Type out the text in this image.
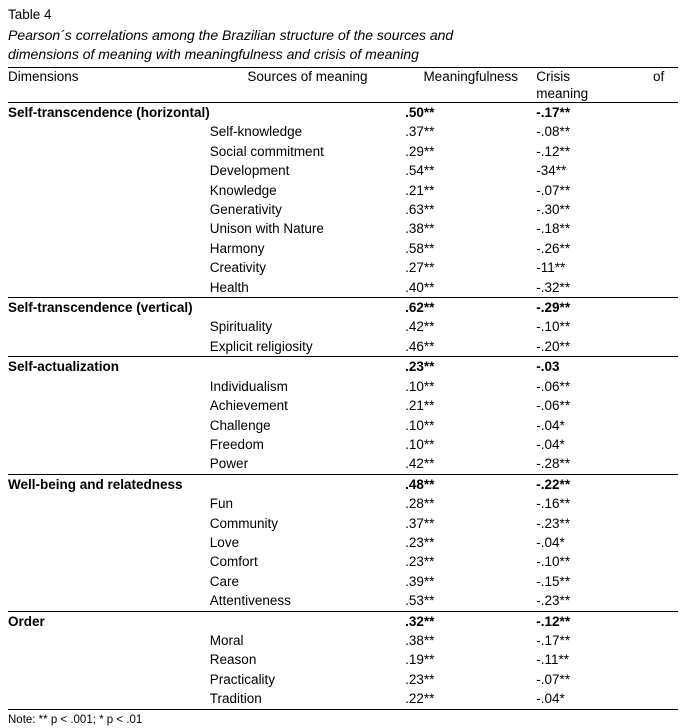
Table 4
Pearson´s correlations among the Brazilian structure of the sources and
dimensions of meaning with meaningfulness and crisis of meaning
Dimensions	Sources of meaning	Meaningfulness	Crisis of
meaning
Self-transcendence (horizontal)		.50**	-.17**
	Self-knowledge	.37**	-.08**
	Social commitment	.29**	-.12**
	Development	.54**	-34**
	Knowledge	.21**	-.07**
	Generativity	.63**	-.30**
	Unison with Nature	.38**	-.18**
	Harmony	.58**	-.26**
	Creativity	.27**	-11**
	Health	.40**	-.32**
Self-transcendence (vertical)		.62**	-.29**
	Spirituality	.42**	-.10**
	Explicit religiosity	.46**	-.20**
Self-actualization		.23**	-.03
	Individualism	.10**	-.06**
	Achievement	.21**	-.06**
	Challenge	.10**	-.04*
	Freedom	.10**	-.04*
	Power	.42**	-.28**
Well-being and relatedness		.48**	-.22**
	Fun	.28**	-.16**
	Community	.37**	-.23**
	Love	.23**	-.04*
	Comfort	.23**	-.10**
	Care	.39**	-.15**
	Attentiveness	.53**	-.23**
Order		.32**	-.12**
	Moral	.38**	-.17**
	Reason	.19**	-.11**
	Practicality	.23**	-.07**
	Tradition	.22**	-.04*

Note: ** p < .001; * p < .01
